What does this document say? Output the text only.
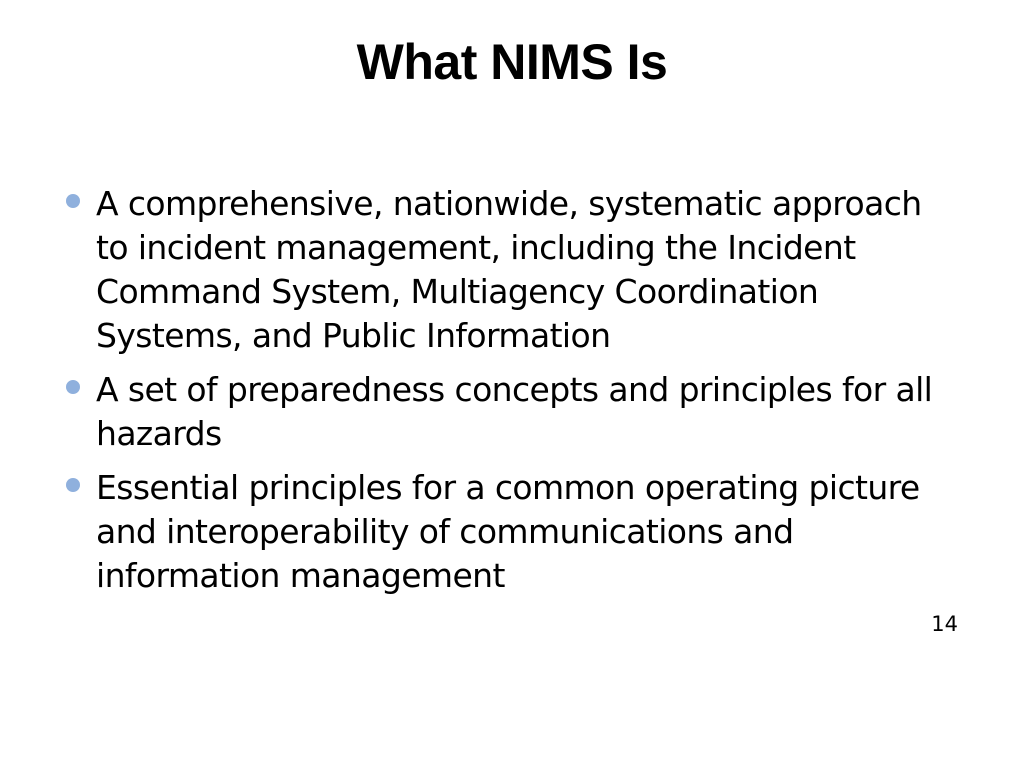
What NIMS Is
A comprehensive, nationwide, systematic approach to incident management, including the Incident Command System, Multiagency Coordination Systems, and Public Information
A set of preparedness concepts and principles for all hazards
Essential principles for a common operating picture and interoperability of communications and information management
14
